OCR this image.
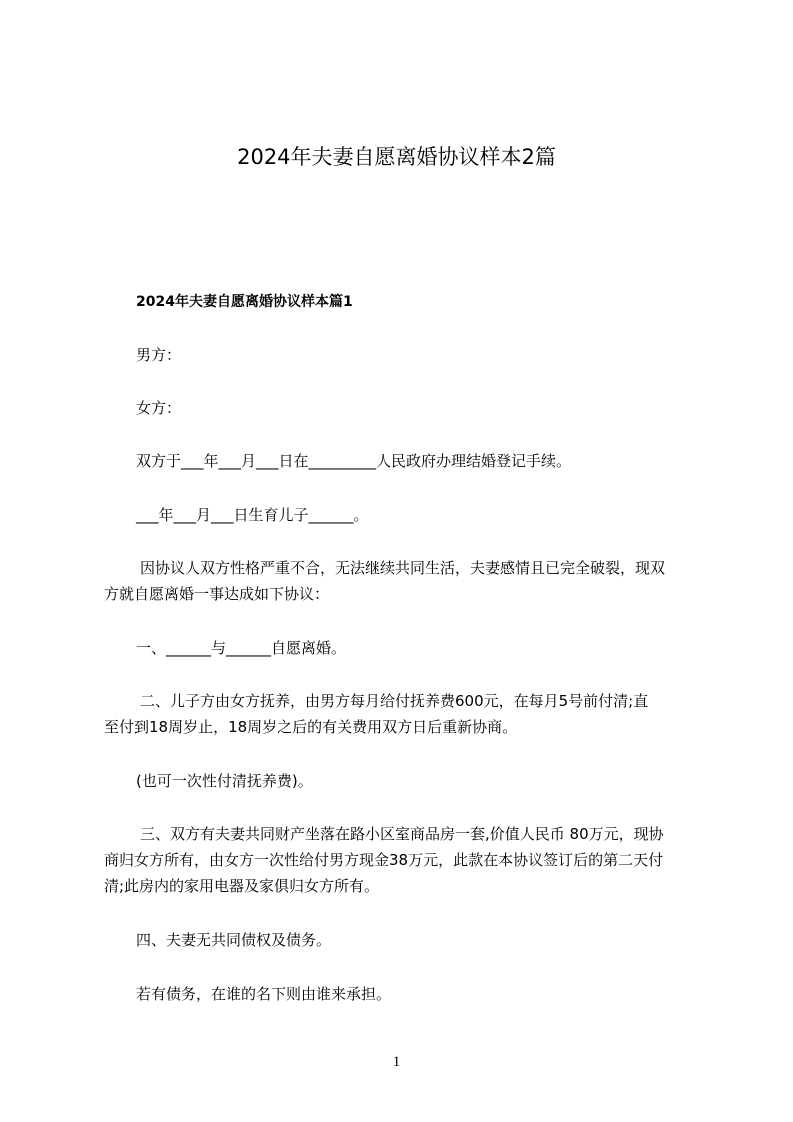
2024年夫妻自愿离婚协议样本2篇
2024年夫妻自愿离婚协议样本篇1
男方：
女方：
双方于___年___月___日在_________人民政府办理结婚登记手续。
___年___月___日生育儿子______。
因协议人双方性格严重不合，无法继续共同生活，夫妻感情且已完全破裂，现双
方就自愿离婚一事达成如下协议：
一、______与______自愿离婚。
二、儿子方由女方抚养，由男方每月给付抚养费600元，在每月5号前付清;直
至付到18周岁止，18周岁之后的有关费用双方日后重新协商。
(也可一次性付清抚养费)。
三、双方有夫妻共同财产坐落在路小区室商品房一套,价值人民币 80万元，现协
商归女方所有，由女方一次性给付男方现金38万元，此款在本协议签订后的第二天付
清;此房内的家用电器及家俱归女方所有。
四、夫妻无共同债权及债务。
若有债务，在谁的名下则由谁来承担。
1
